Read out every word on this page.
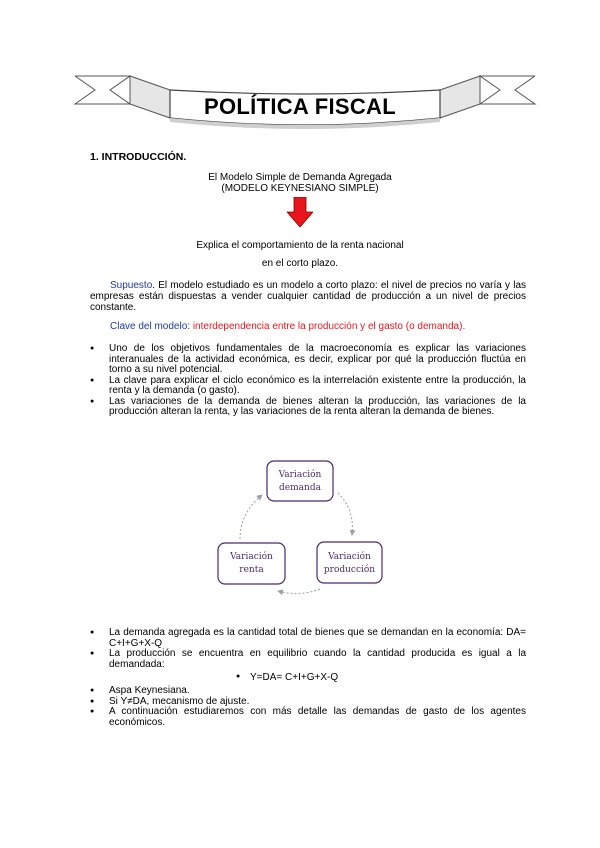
POLÍTICA FISCAL
1. INTRODUCCIÓN.
El Modelo Simple de Demanda Agregada
(MODELO KEYNESIANO SIMPLE)
Explica el comportamiento de la renta nacional
en el corto plazo.
Supuesto. El modelo estudiado es un modelo a corto plazo: el nivel de precios no varía y las empresas están dispuestas a vender cualquier cantidad de producción a un nivel de precios constante.
Clave del modelo: interdependencia entre la producción y el gasto (o demanda).
● Uno de los objetivos fundamentales de la macroeconomía es explicar las variaciones interanuales de la actividad económica, es decir, explicar por qué la producción fluctúa en torno a su nivel potencial.
● La clave para explicar el ciclo económico es la interrelación existente entre la producción, la renta y la demanda (o gasto).
● Las variaciones de la demanda de bienes alteran la producción, las variaciones de la producción alteran la renta, y las variaciones de la renta alteran la demanda de bienes.
Variación
demanda
Variación
producción
Variación
renta
● La demanda agregada es la cantidad total de bienes que se demandan en la economía: DA= C+I+G+X-Q
● La producción se encuentra en equilibrio cuando la cantidad producida es igual a la demandada:
● Y=DA= C+I+G+X-Q
● Aspa Keynesiana.
● Si Y≠DA, mecanismo de ajuste.
● A continuación estudiaremos con más detalle las demandas de gasto de los agentes económicos.
